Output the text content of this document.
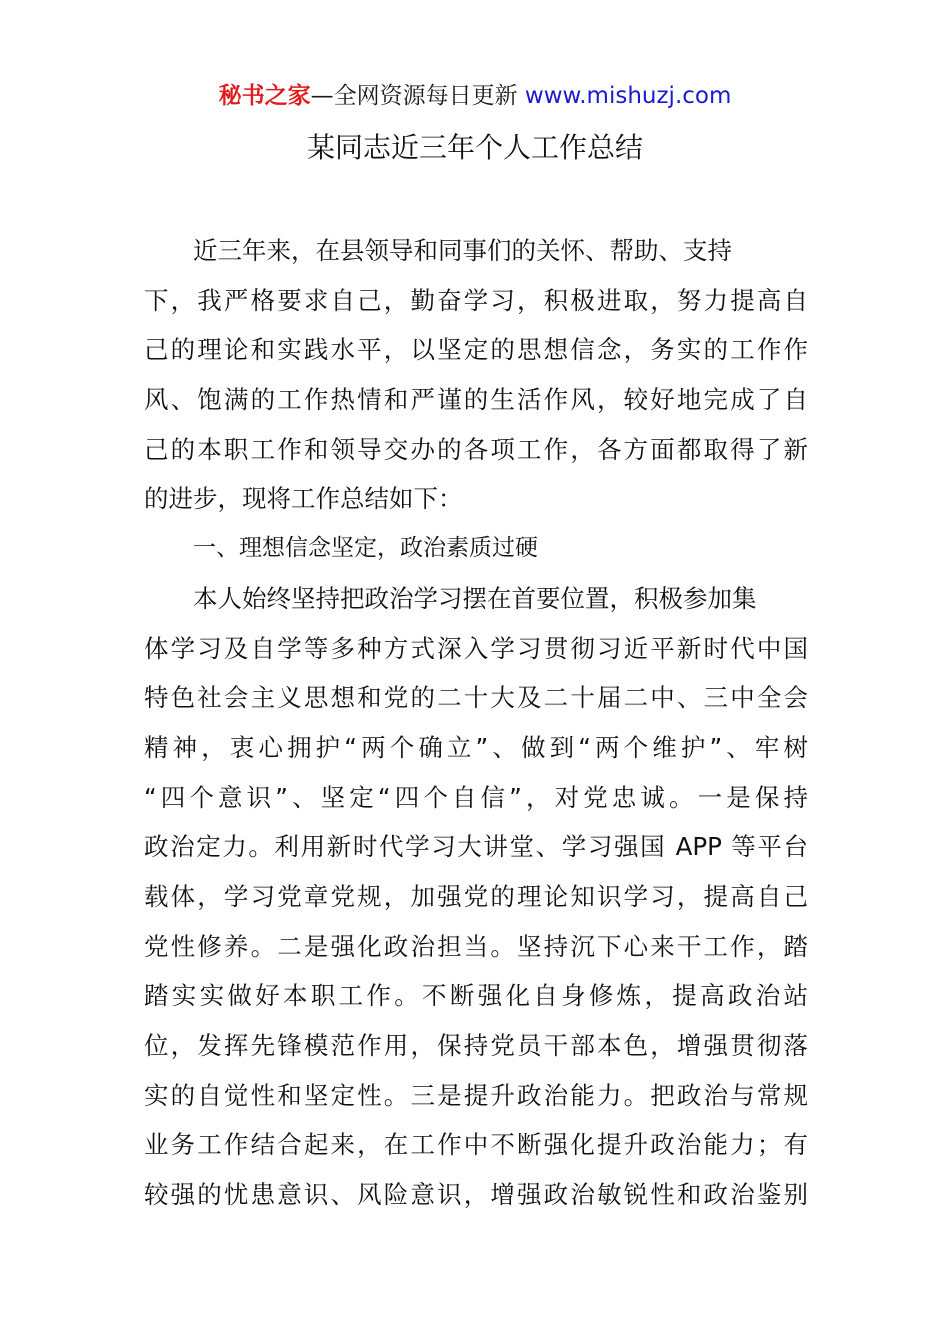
秘书之家—全网资源每日更新 www.mishuzj.com
某同志近三年个人工作总结
近三年来，在县领导和同事们的关怀、帮助、支持
下，我严格要求自己，勤奋学习，积极进取，努力提高自
己的理论和实践水平，以坚定的思想信念，务实的工作作
风、饱满的工作热情和严谨的生活作风，较好地完成了自
己的本职工作和领导交办的各项工作，各方面都取得了新
的进步，现将工作总结如下：
一、理想信念坚定，政治素质过硬
本人始终坚持把政治学习摆在首要位置，积极参加集
体学习及自学等多种方式深入学习贯彻习近平新时代中国
特色社会主义思想和党的二十大及二十届二中、三中全会
精神，衷心拥护“两个确立”、做到“两个维护”、牢树
“四个意识”、坚定“四个自信”，对党忠诚。一是保持
政治定力。利用新时代学习大讲堂、学习强国 APP 等平台
载体，学习党章党规，加强党的理论知识学习，提高自己
党性修养。二是强化政治担当。坚持沉下心来干工作，踏
踏实实做好本职工作。不断强化自身修炼，提高政治站
位，发挥先锋模范作用，保持党员干部本色，增强贯彻落
实的自觉性和坚定性。三是提升政治能力。把政治与常规
业务工作结合起来，在工作中不断强化提升政治能力；有
较强的忧患意识、风险意识，增强政治敏锐性和政治鉴别
